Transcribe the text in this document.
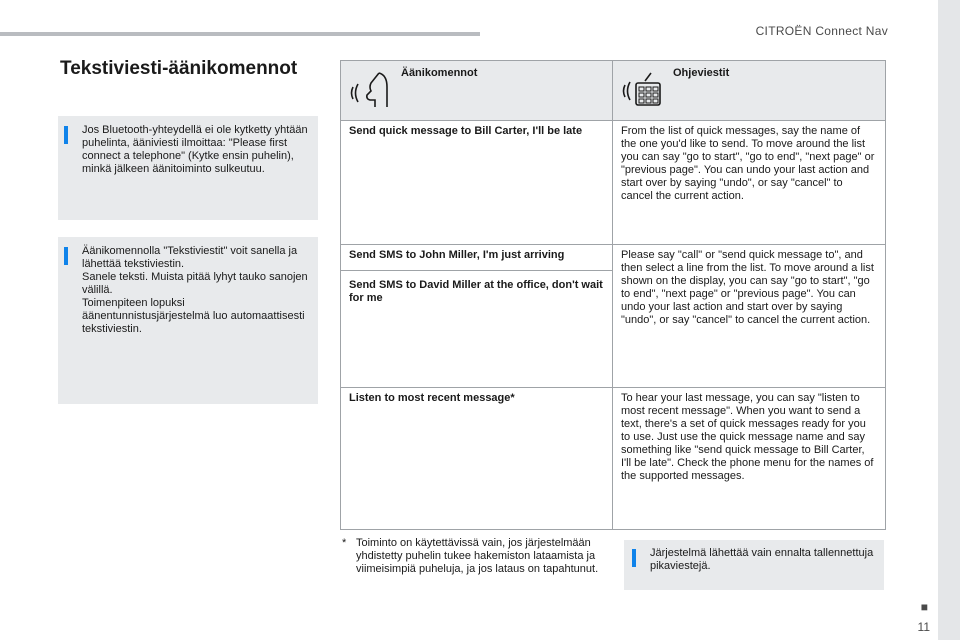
CITROËN Connect Nav
■
11
Tekstiviesti-äänikomennot
Jos Bluetooth-yhteydellä ei ole kytketty yhtään puhelinta, ääniviesti ilmoittaa: "Please first connect a telephone" (Kytke ensin puhelin), minkä jälkeen äänitoiminto sulkeutuu.
Äänikomennolla "Tekstiviestit" voit sanella ja lähettää tekstiviestin.
Sanele teksti. Muista pitää lyhyt tauko sanojen välillä.
Toimenpiteen lopuksi äänentunnistusjärjestelmä luo automaattisesti tekstiviestin.
Äänikomennot	Ohjeviestit

Send quick message to Bill Carter, I'll be late	From the list of quick messages, say the name of the one you'd like to send. To move around the list you can say "go to start", "go to end", "next page" or "previous page". You can undo your last action and start over by saying "undo", or say "cancel" to cancel the current action.

Send SMS to John Miller, I'm just arriving
Send SMS to David Miller at the office, don't wait for me	Please say "call" or "send quick message to", and then select a line from the list. To move around a list shown on the display, you can say "go to start", "go to end", "next page" or "previous page". You can undo your last action and start over by saying "undo", or say "cancel" to cancel the current action.

Listen to most recent message*	To hear your last message, you can say "listen to most recent message". When you want to send a text, there's a set of quick messages ready for you to use. Just use the quick message name and say something like "send quick message to Bill Carter, I'll be late". Check the phone menu for the names of the supported messages.
* Toiminto on käytettävissä vain, jos järjestelmään yhdistetty puhelin tukee hakemiston lataamista ja viimeisimpiä puheluja, ja jos lataus on tapahtunut.
Järjestelmä lähettää vain ennalta tallennettuja pikaviestejä.
